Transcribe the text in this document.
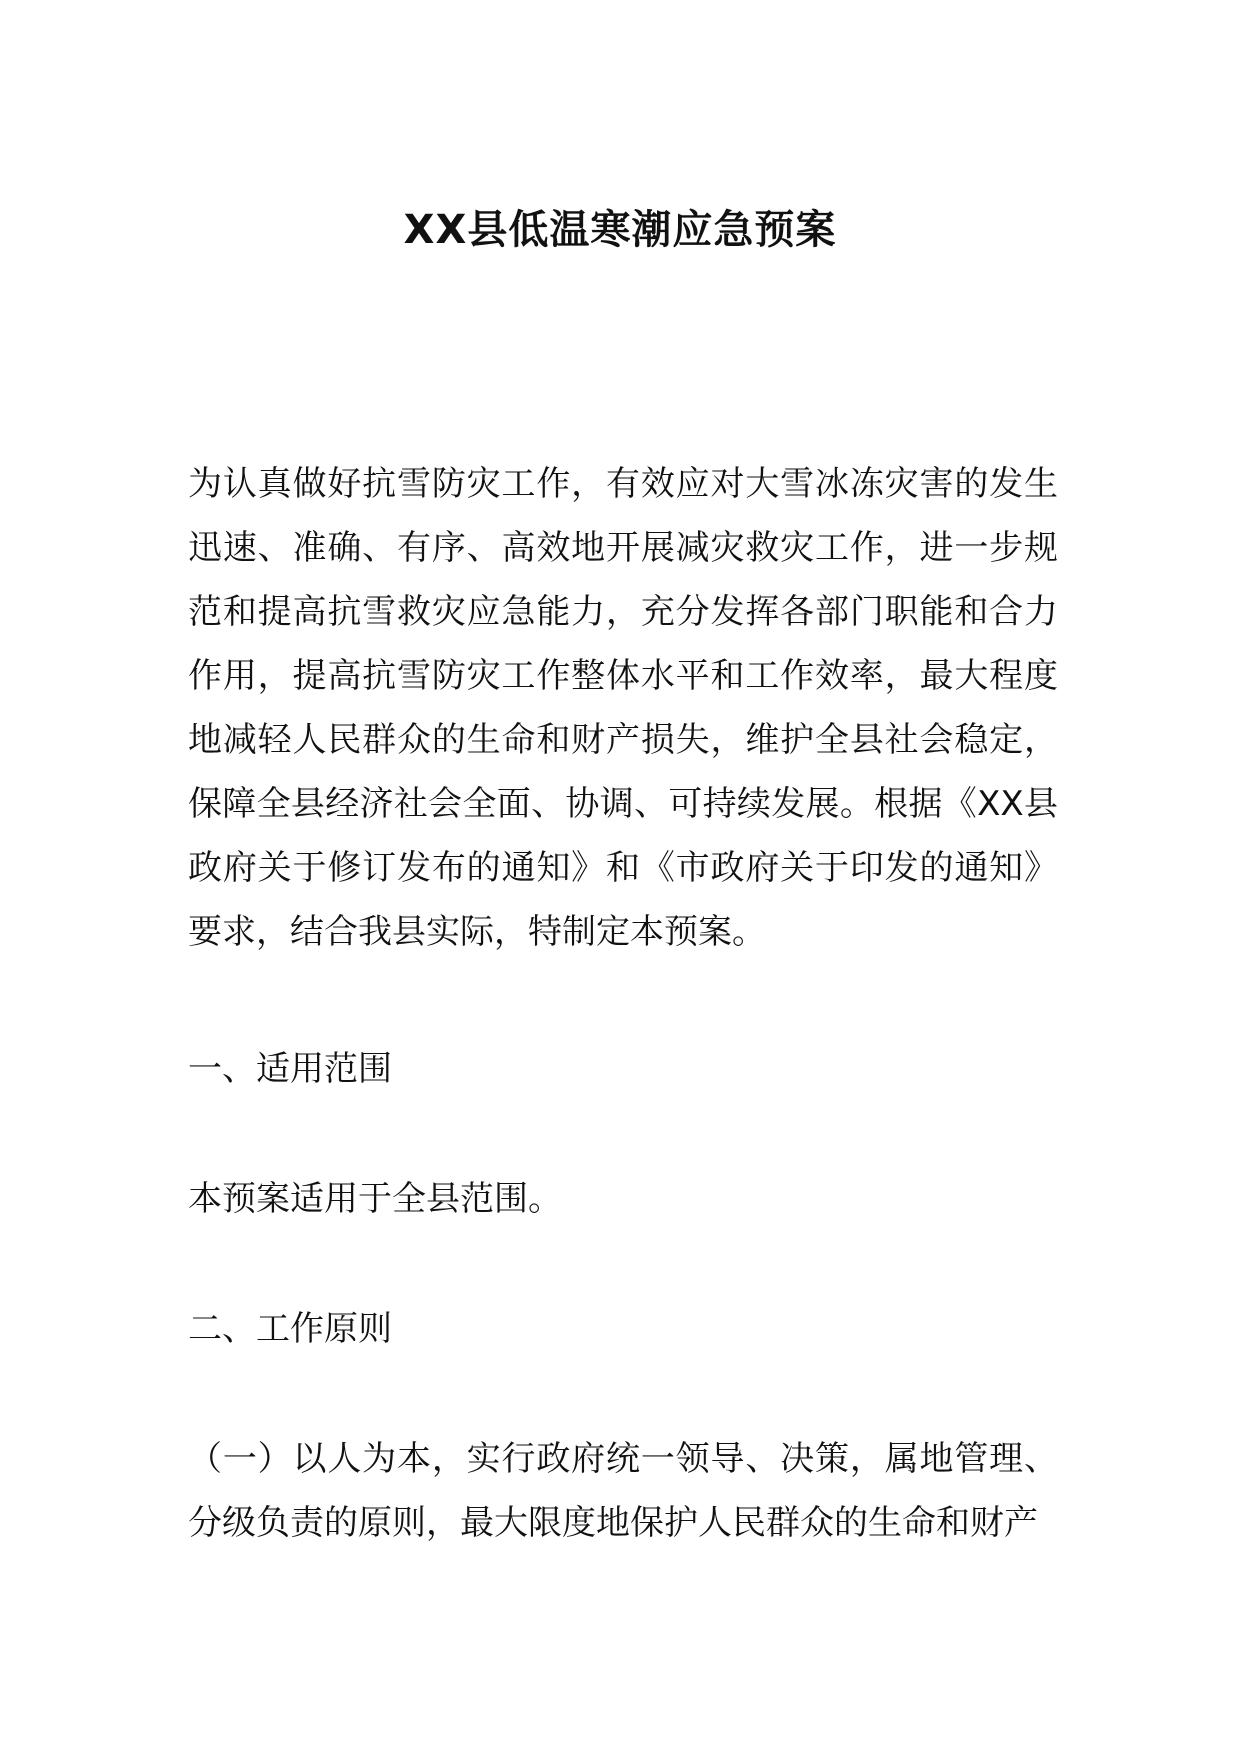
XX县低温寒潮应急预案

为认真做好抗雪防灾工作，有效应对大雪冰冻灾害的发生迅速、准确、有序、高效地开展减灾救灾工作，进一步规范和提高抗雪救灾应急能力，充分发挥各部门职能和合力作用，提高抗雪防灾工作整体水平和工作效率，最大程度地减轻人民群众的生命和财产损失，维护全县社会稳定，保障全县经济社会全面、协调、可持续发展。根据《XX县政府关于修订发布的通知》和《市政府关于印发的通知》要求，结合我县实际，特制定本预案。

一、适用范围

本预案适用于全县范围。

二、工作原则

（一）以人为本，实行政府统一领导、决策，属地管理、分级负责的原则，最大限度地保护人民群众的生命和财产
